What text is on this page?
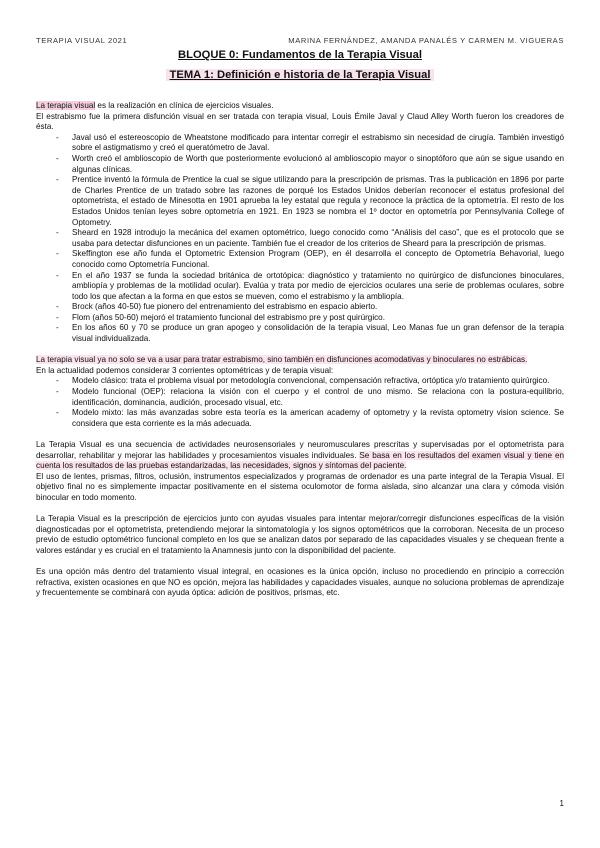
TERAPIA VISUAL 2021	MARINA FERNÁNDEZ, AMANDA PANALÉS Y CARMEN M. VIGUERAS
BLOQUE 0: Fundamentos de la Terapia Visual
TEMA 1: Definición e historia de la Terapia Visual

La terapia visual es la realización en clínica de ejercicios visuales.

El estrabismo fue la primera disfunción visual en ser tratada con terapia visual, Louis Émile Javal y Claud Alley Worth fueron los creadores de ésta.

- Javal usó el estereoscopio de Wheatstone modificado para intentar corregir el estrabismo sin necesidad de cirugía. También investigó sobre el astigmatismo y creó el queratómetro de Javal.
- Worth creó el amblioscopio de Worth que posteriormente evolucionó al amblioscopio mayor o sinoptóforo que aún se sigue usando en algunas clínicas.
- Prentice inventó la fórmula de Prentice la cual se sigue utilizando para la prescripción de prismas. Tras la publicación en 1896 por parte de Charles Prentice de un tratado sobre las razones de porqué los Estados Unidos deberían reconocer el estatus profesional del optometrista, el estado de Minesotta en 1901 aprueba la ley estatal que regula y reconoce la práctica de la optometría. El resto de los Estados Unidos tenían leyes sobre optometría en 1921. En 1923 se nombra el 1º doctor en optometría por Pennsylvania College of Optometry.
- Sheard en 1928 introdujo la mecánica del examen optométrico, luego conocido como “Análisis del caso”, que es el protocolo que se usaba para detectar disfunciones en un paciente. También fue el creador de los criterios de Sheard para la prescripción de prismas.
- Skeffington ese año funda el Optometric Extension Program (OEP), en él desarrolla el concepto de Optometría Behavorial, luego conocido como Optometría Funcional.
- En el año 1937 se funda la sociedad británica de ortotópica: diagnóstico y tratamiento no quirúrgico de disfunciones binoculares, ambliopía y problemas de la motilidad ocular). Evalúa y trata por medio de ejercicios oculares una serie de problemas oculares, sobre todo los que afectan a la forma en que estos se mueven, como el estrabismo y la ambliopía.
- Brock (años 40-50) fue pionero del entrenamiento del estrabismo en espacio abierto.
- Flom (años 50-60) mejoró el tratamiento funcional del estrabismo pre y post quirúrgico.
- En los años 60 y 70 se produce un gran apogeo y consolidación de la terapia visual, Leo Manas fue un gran defensor de la terapia visual individualizada.

La terapia visual ya no solo se va a usar para tratar estrabismo, sino también en disfunciones acomodativas y binoculares no estrábicas.

En la actualidad podemos considerar 3 corrientes optométricas y de terapia visual:

- Modelo clásico: trata el problema visual por metodología convencional, compensación refractiva, ortóptica y/o tratamiento quirúrgico.
- Modelo funcional (OEP): relaciona la visión con el cuerpo y el control de uno mismo. Se relaciona con la postura-equilibrio, identificación, dominancia, audición, procesado visual, etc.
- Modelo mixto: las más avanzadas sobre esta teoría es la american academy of optometry y la revista optometry vision science. Se considera que esta corriente es la más adecuada.

La Terapia Visual es una secuencia de actividades neurosensoriales y neuromusculares prescritas y supervisadas por el optometrista para desarrollar, rehabilitar y mejorar las habilidades y procesamientos visuales individuales. Se basa en los resultados del examen visual y tiene en cuenta los resultados de las pruebas estandarizadas, las necesidades, signos y síntomas del paciente.

El uso de lentes, prismas, filtros, oclusión, instrumentos especializados y programas de ordenador es una parte integral de la Terapia Visual. El objetivo final no es simplemente impactar positivamente en el sistema oculomotor de forma aislada, sino alcanzar una clara y cómoda visión binocular en todo momento.

La Terapia Visual es la prescripción de ejercicios junto con ayudas visuales para intentar mejorar/corregir disfunciones específicas de la visión diagnosticadas por el optometrista, pretendiendo mejorar la sintomatología y los signos optométricos que la corroboran. Necesita de un proceso previo de estudio optométrico funcional completo en los que se analizan datos por separado de las capacidades visuales y se chequean frente a valores estándar y es crucial en el tratamiento la Anamnesis junto con la disponibilidad del paciente.

Es una opción más dentro del tratamiento visual integral, en ocasiones es la única opción, incluso no procediendo en principio a corrección refractiva, existen ocasiones en que NO es opción, mejora las habilidades y capacidades visuales, aunque no soluciona problemas de aprendizaje y frecuentemente se combinará con ayuda óptica: adición de positivos, prismas, etc.

1
